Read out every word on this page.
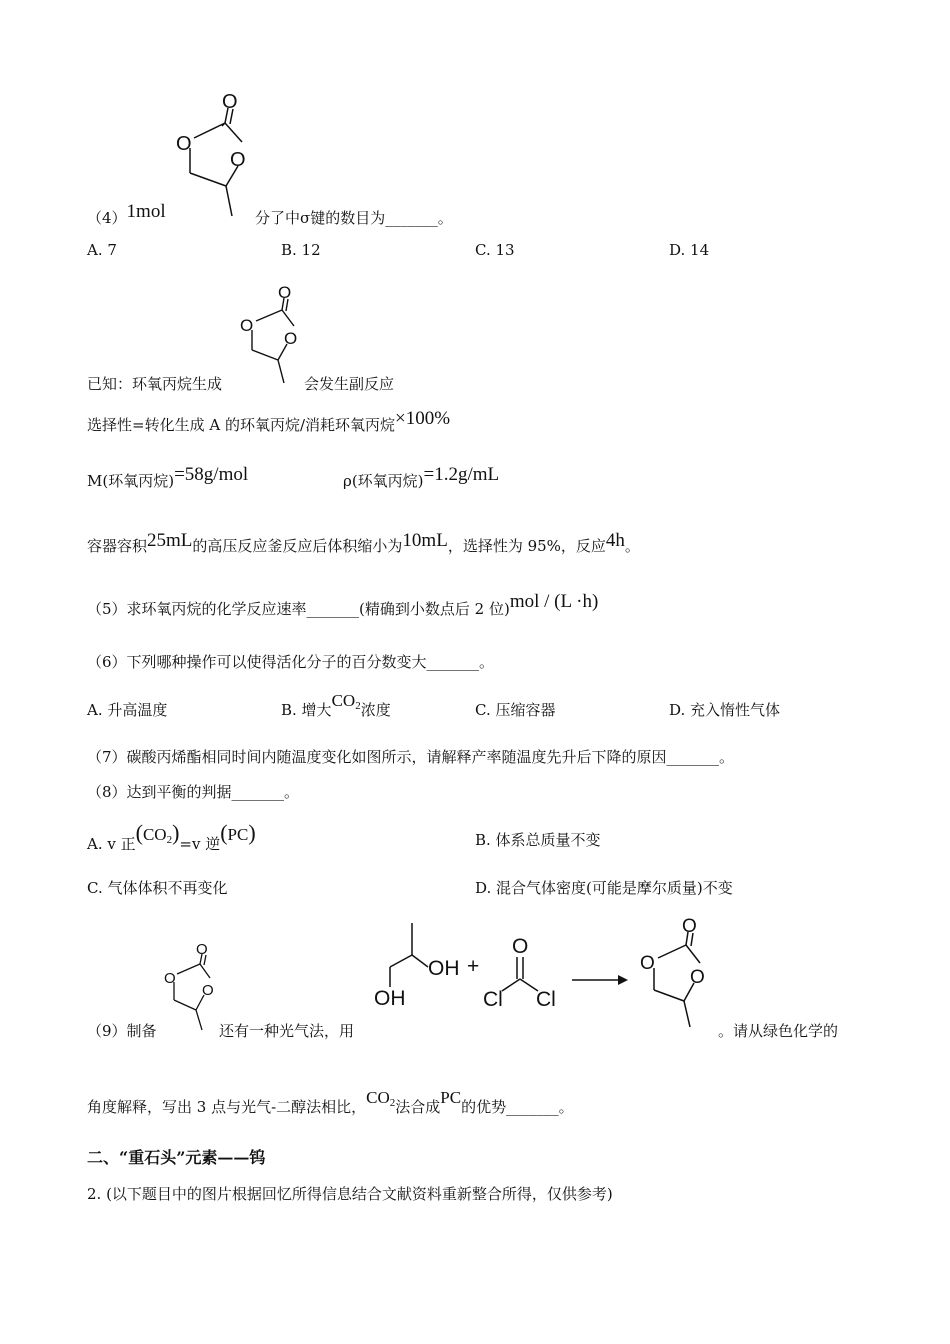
O
O
O
（4）1mol	分了中σ键的数目为_______。
A. 7	B. 12	C. 13	D. 14
O
O
O
已知：环氧丙烷生成	会发生副反应
选择性=转化生成 A 的环氧丙烷/消耗环氧丙烷×100%
M(环氧丙烷)=58g/mol	ρ(环氧丙烷)=1.2g/mL
容器容积25mL的高压反应釜反应后体积缩小为10mL，选择性为 95%，反应4h。
（5）求环氧丙烷的化学反应速率_______(精确到小数点后 2 位)mol / (L ·h)
（6）下列哪种操作可以使得活化分子的百分数变大_______。
A. 升高温度	B. 增大$CO_2$浓度	C. 压缩容器	D. 充入惰性气体
（7）碳酸丙烯酯相同时间内随温度变化如图所示，请解释产率随温度先升后下降的原因_______。
（8）达到平衡的判据_______。
A. v 正$(CO_2)=v$ 逆(PC)	B. 体系总质量不变
C. 气体体积不再变化	D. 混合气体密度(可能是摩尔质量)不变
O
O
O
OH
OH
+
O
Cl Cl
O
O
O
（9）制备	还有一种光气法，用	。请从绿色化学的
角度解释，写出 3 点与光气-二醇法相比，$CO_2$法合成PC的优势_______。
二、“重石头”元素——钨
2. (以下题目中的图片根据回忆所得信息结合文献资料重新整合所得，仅供参考)
